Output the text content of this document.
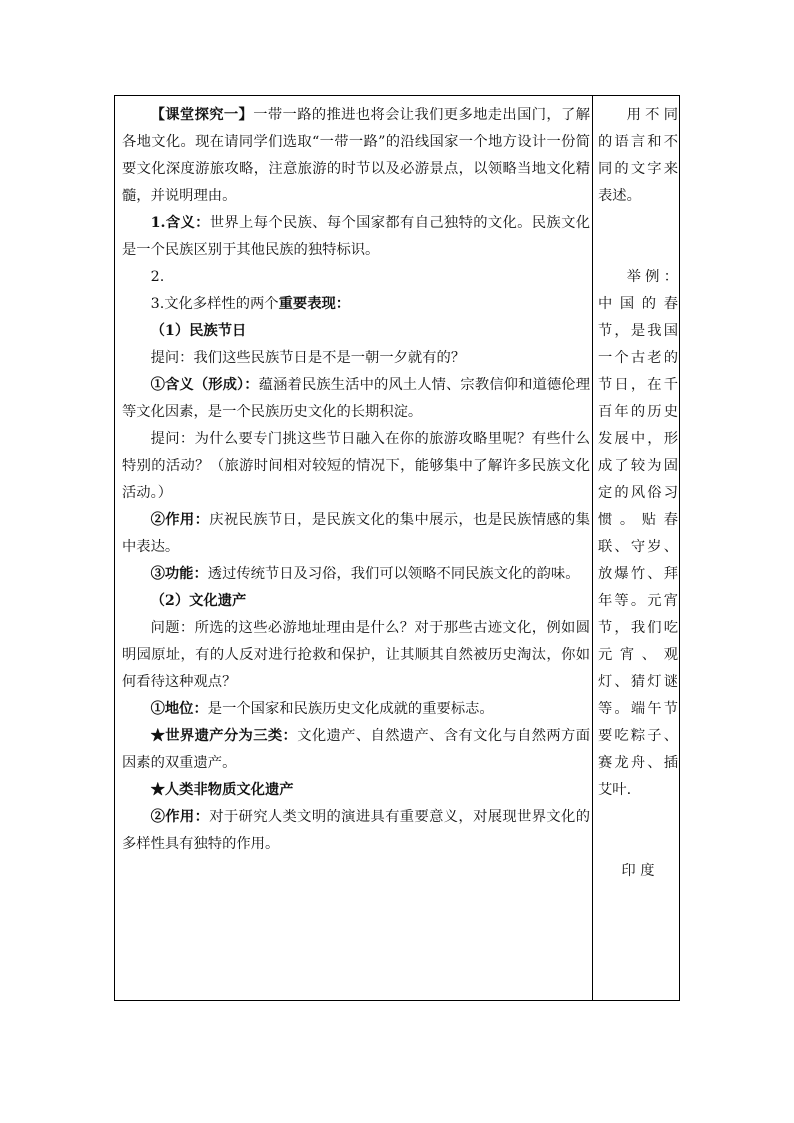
【课堂探究一】一带一路的推进也将会让我们更多地走出国门，了解各地文化。现在请同学们选取“一带一路”的沿线国家一个地方设计一份简要文化深度游旅攻略，注意旅游的时节以及必游景点，以领略当地文化精髓，并说明理由。

1.含义：世界上每个民族、每个国家都有自己独特的文化。民族文化是一个民族区别于其他民族的独特标识。

2.

3.文化多样性的两个重要表现：

（1）民族节日

提问：我们这些民族节日是不是一朝一夕就有的？

①含义（形成）：蕴涵着民族生活中的风土人情、宗教信仰和道德伦理等文化因素，是一个民族历史文化的长期积淀。

提问：为什么要专门挑这些节日融入在你的旅游攻略里呢？有些什么特别的活动？（旅游时间相对较短的情况下，能够集中了解许多民族文化活动。）

②作用：庆祝民族节日，是民族文化的集中展示，也是民族情感的集中表达。

③功能：透过传统节日及习俗，我们可以领略不同民族文化的韵味。

（2）文化遗产

问题：所选的这些必游地址理由是什么？对于那些古迹文化，例如圆明园原址，有的人反对进行抢救和保护，让其顺其自然被历史淘汰，你如何看待这种观点？

①地位：是一个国家和民族历史文化成就的重要标志。

★世界遗产分为三类：文化遗产、自然遗产、含有文化与自然两方面因素的双重遗产。

★人类非物质文化遗产

②作用：对于研究人类文明的演进具有重要意义，对展现世界文化的多样性具有独特的作用。

用不同的语言和不同的文字来表述。

举例：中国的春节，是我国一个古老的节日，在千百年的历史发展中，形成了较为固定的风俗习惯。贴春联、守岁、放爆竹、拜年等。元宵节，我们吃元宵、观灯、猜灯谜等。端午节要吃粽子、赛龙舟、插艾叶.

印 度
